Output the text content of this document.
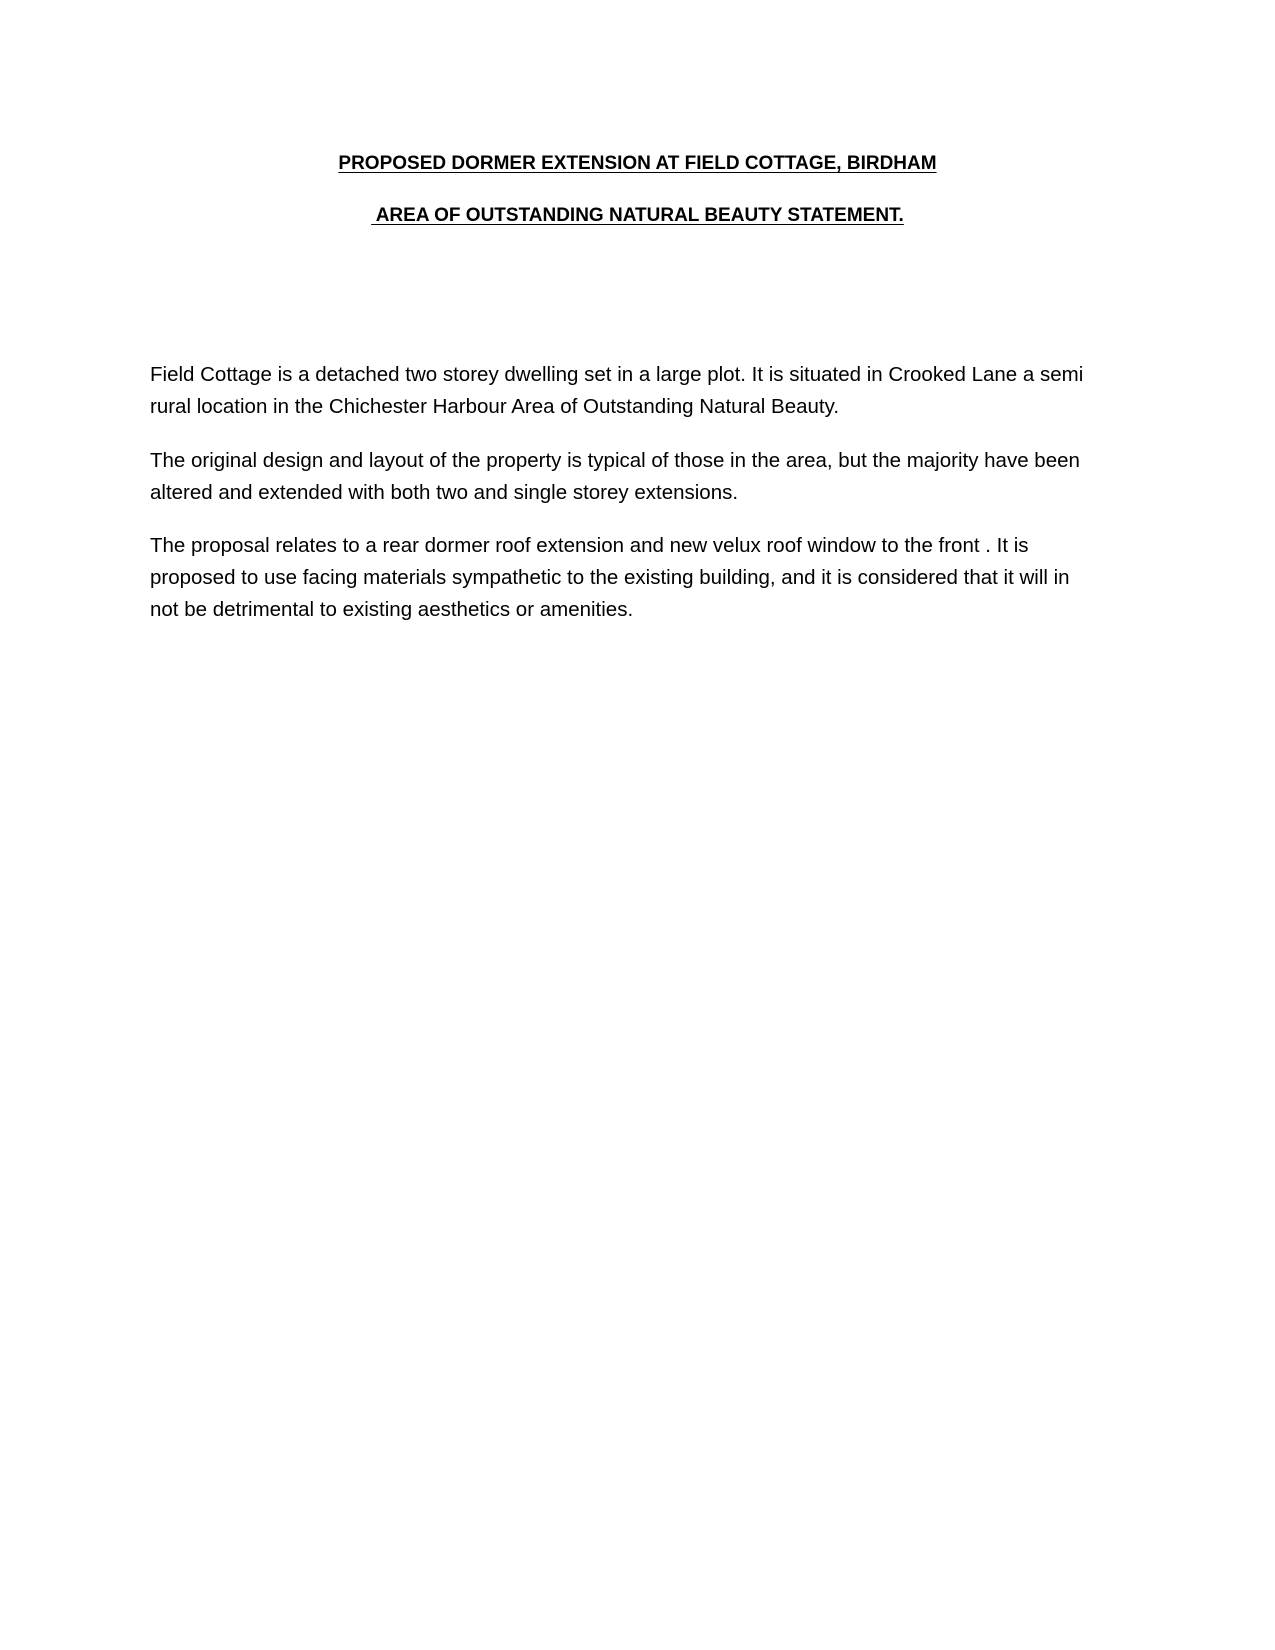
PROPOSED DORMER EXTENSION AT FIELD COTTAGE, BIRDHAM
AREA OF OUTSTANDING NATURAL BEAUTY STATEMENT.

Field Cottage is a detached two storey dwelling set in a large plot. It is situated in Crooked Lane a semi
rural location in the Chichester Harbour Area of Outstanding Natural Beauty.

The original design and layout of the property is typical of those in the area, but the majority have been
altered and extended with both two and single storey extensions.

The proposal relates to a rear dormer roof extension and new velux roof window to the front . It is
proposed to use facing materials sympathetic to the existing building, and it is considered that it will in
not be detrimental to existing aesthetics or amenities.
